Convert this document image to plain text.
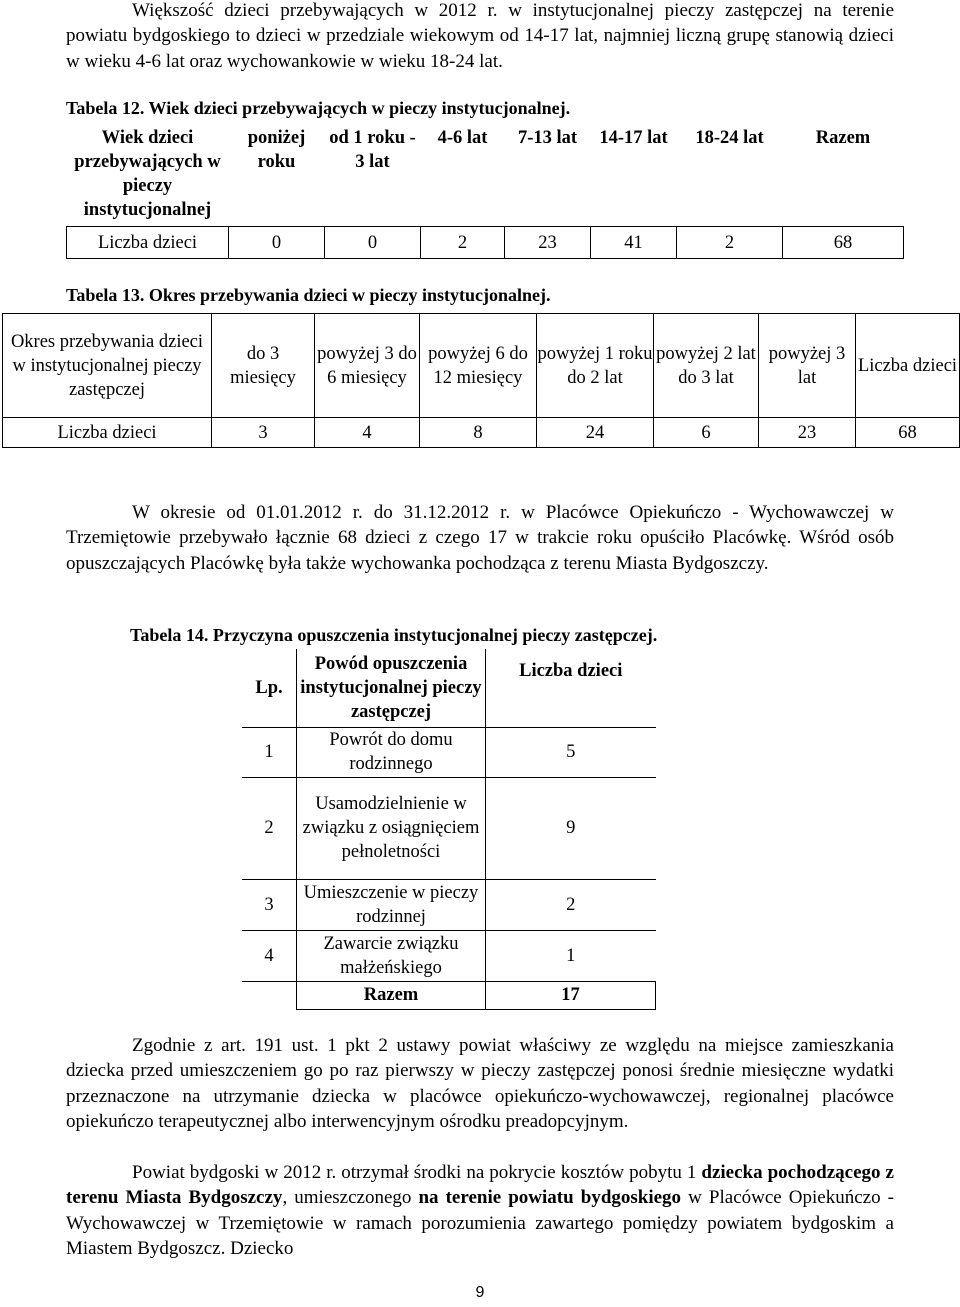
Większość dzieci przebywających w 2012 r. w instytucjonalnej pieczy zastępczej na terenie powiatu bydgoskiego to dzieci w przedziale wiekowym od 14-17 lat, najmniej liczną grupę stanowią dzieci w wieku 4-6 lat oraz wychowankowie w wieku 18-24 lat.

Tabela 12. Wiek dzieci przebywających w pieczy instytucjonalnej.
Wiek dzieci przebywających w pieczy instytucjonalnej	poniżej roku	od 1 roku - 3 lat	4-6 lat	7-13 lat	14-17 lat	18-24 lat	Razem
Liczba dzieci	0	0	2	23	41	2	68
Tabela 13. Okres przebywania dzieci w pieczy instytucjonalnej.
Okres przebywania dzieci w instytucjonalnej pieczy zastępczej	do 3 miesięcy	powyżej 3 do 6 miesięcy	powyżej 6 do 12 miesięcy	powyżej 1 roku do 2 lat	powyżej 2 lat do 3 lat	powyżej 3 lat	Liczba dzieci
Liczba dzieci	3	4	8	24	6	23	68

W okresie od 01.01.2012 r. do 31.12.2012 r. w Placówce Opiekuńczo - Wychowawczej w Trzemiętowie przebywało łącznie 68 dzieci z czego 17 w trakcie roku opuściło Placówkę. Wśród osób opuszczających Placówkę była także wychowanka pochodząca z terenu Miasta Bydgoszczy.

Tabela 14. Przyczyna opuszczenia instytucjonalnej pieczy zastępczej.
Lp.	Powód opuszczenia instytucjonalnej pieczy zastępczej	Liczba dzieci
1	Powrót do domu rodzinnego	5
2	Usamodzielnienie w związku z osiągnięciem pełnoletności	9
3	Umieszczenie w pieczy rodzinnej	2
4	Zawarcie związku małżeńskiego	1
	Razem	17

Zgodnie z art. 191 ust. 1 pkt 2 ustawy powiat właściwy ze względu na miejsce zamieszkania dziecka przed umieszczeniem go po raz pierwszy w pieczy zastępczej ponosi średnie miesięczne wydatki przeznaczone na utrzymanie dziecka w placówce opiekuńczo-wychowawczej, regionalnej placówce opiekuńczo terapeutycznej albo interwencyjnym ośrodku preadopcyjnym.

Powiat bydgoski w 2012 r. otrzymał środki na pokrycie kosztów pobytu 1 dziecka pochodzącego z terenu Miasta Bydgoszczy, umieszczonego na terenie powiatu bydgoskiego w Placówce Opiekuńczo - Wychowawczej w Trzemiętowie w ramach porozumienia zawartego pomiędzy powiatem bydgoskim a Miastem Bydgoszcz. Dziecko

9
